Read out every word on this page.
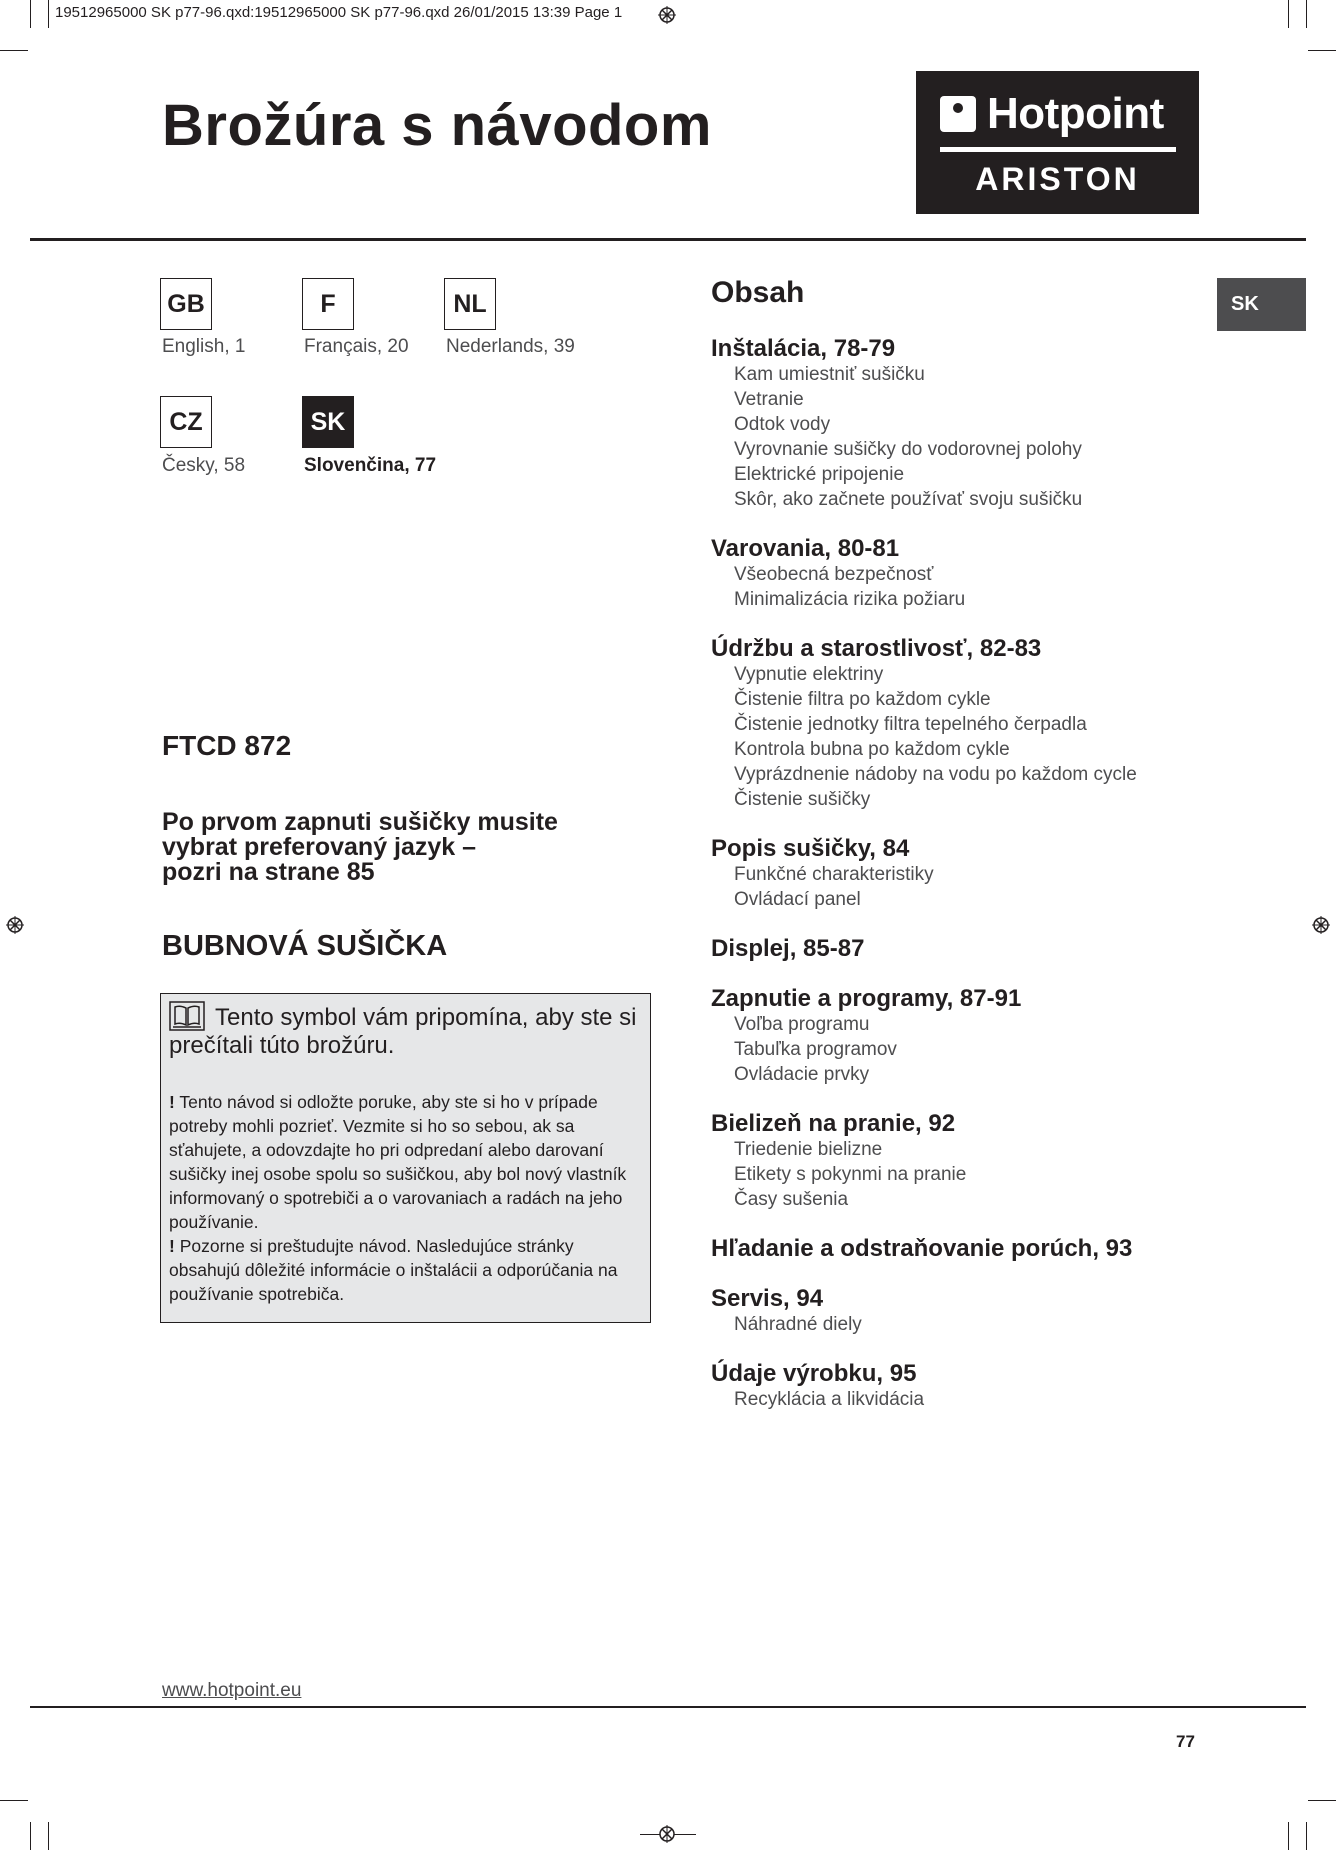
19512965000 SK p77-96.qxd:19512965000 SK p77-96.qxd 26/01/2015 13:39 Page 1
Brožúra s návodom	Hotpoint
ARISTON
GB
English, 1
F
Français, 20
NL
Nederlands, 39
CZ
Česky, 58
SK
Slovenčina, 77
FTCD 872
Po prvom zapnuti sušičky musite
vybrat preferovaný jazyk –
pozri na strane 85
BUBNOVÁ SUŠIČKA
Tento symbol vám pripomína, aby ste si prečítali túto brožúru.
! Tento návod si odložte poruke, aby ste si ho v prípade potreby mohli pozrieť. Vezmite si ho so sebou, ak sa sťahujete, a odovzdajte ho pri odpredaní alebo darovaní sušičky inej osobe spolu so sušičkou, aby bol nový vlastník informovaný o spotrebiči a o varovaniach a radách na jeho používanie.
! Pozorne si preštudujte návod. Nasledujúce stránky obsahujú dôležité informácie o inštalácii a odporúčania na používanie spotrebiča.
Obsah	SK
Inštalácia, 78-79
Kam umiestniť sušičku
Vetranie
Odtok vody
Vyrovnanie sušičky do vodorovnej polohy
Elektrické pripojenie
Skôr, ako začnete používať svoju sušičku
Varovania, 80-81
Všeobecná bezpečnosť
Minimalizácia rizika požiaru
Údržbu a starostlivosť, 82-83
Vypnutie elektriny
Čistenie filtra po každom cykle
Čistenie jednotky filtra tepelného čerpadla
Kontrola bubna po každom cykle
Vyprázdnenie nádoby na vodu po každom cycle
Čistenie sušičky
Popis sušičky, 84
Funkčné charakteristiky
Ovládací panel
Displej, 85-87
Zapnutie a programy, 87-91
Voľba programu
Tabuľka programov
Ovládacie prvky
Bielizeň na pranie, 92
Triedenie bielizne
Etikety s pokynmi na pranie
Časy sušenia
Hľadanie a odstraňovanie porúch, 93
Servis, 94
Náhradné diely
Údaje výrobku, 95
Recyklácia a likvidácia
www.hotpoint.eu
77
